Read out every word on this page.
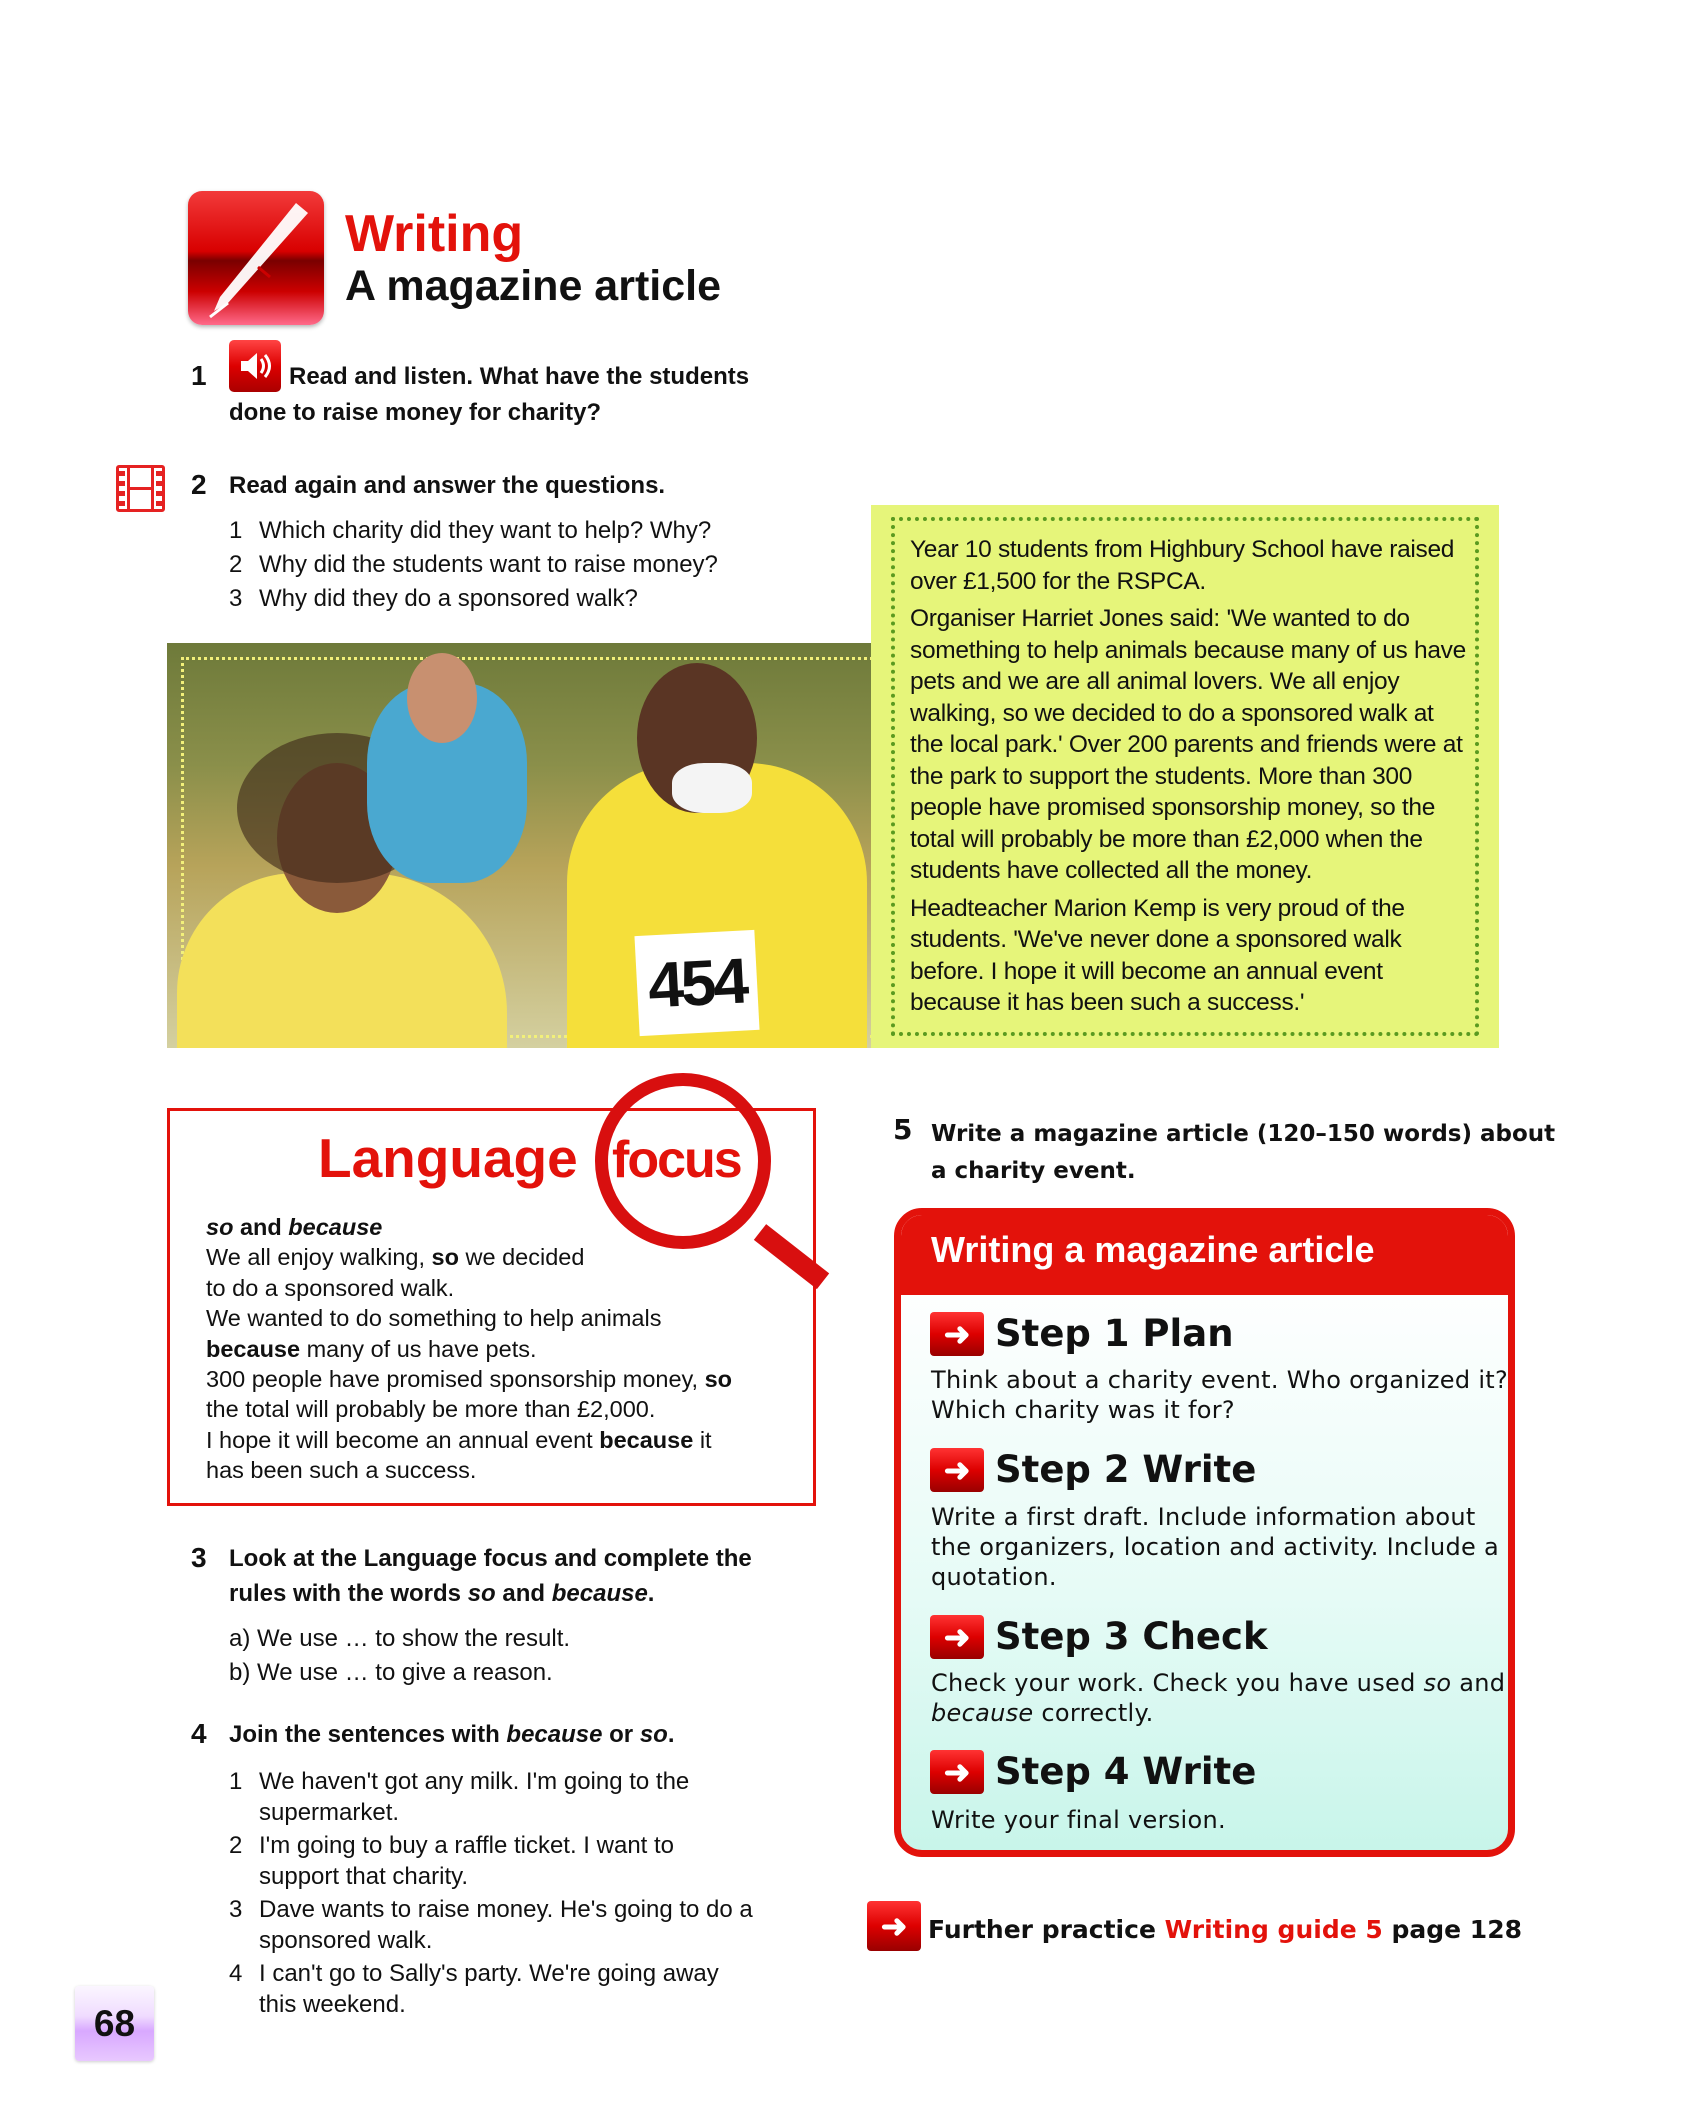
Writing
A magazine article
1	Read and listen. What have the students
done to raise money for charity?
2 Read again and answer the questions.
1 Which charity did they want to help? Why?
2 Why did the students want to raise money?
3 Why did they do a sponsored walk?
454

Year 10 students from Highbury School have raised over £1,500 for the RSPCA.

Organiser Harriet Jones said: 'We wanted to do something to help animals because many of us have pets and we are all animal lovers. We all enjoy walking, so we decided to do a sponsored walk at the local park.' Over 200 parents and friends were at the park to support the students. More than 300 people have promised sponsorship money, so the total will probably be more than £2,000 when the students have collected all the money.

Headteacher Marion Kemp is very proud of the students. 'We've never done a sponsored walk before. I hope it will become an annual event because it has been such a success.'

Language focus
so and because
We all enjoy walking, so we decided
to do a sponsored walk.
We wanted to do something to help animals
because many of us have pets.
300 people have promised sponsorship money, so
the total will probably be more than £2,000.
I hope it will become an annual event because it
has been such a success.
3 Look at the Language focus and complete the
rules with the words so and because.
a) We use … to show the result.
b) We use … to give a reason.
4 Join the sentences with because or so.
1 We haven't got any milk. I'm going to the
supermarket.
2 I'm going to buy a raffle ticket. I want to
support that charity.
3 Dave wants to raise money. He's going to do a
sponsored walk.
4 I can't go to Sally's party. We're going away
this weekend.
68
5 Write a magazine article (120–150 words) about
a charity event.
Writing a magazine article
➜ Step 1 Plan
Think about a charity event. Who organized it?
Which charity was it for?
➜ Step 2 Write
Write a first draft. Include information about
the organizers, location and activity. Include a
quotation.
➜ Step 3 Check
Check your work. Check you have used so and
because correctly.
➜ Step 4 Write
Write your final version.
➜ Further practice Writing guide 5 page 128
